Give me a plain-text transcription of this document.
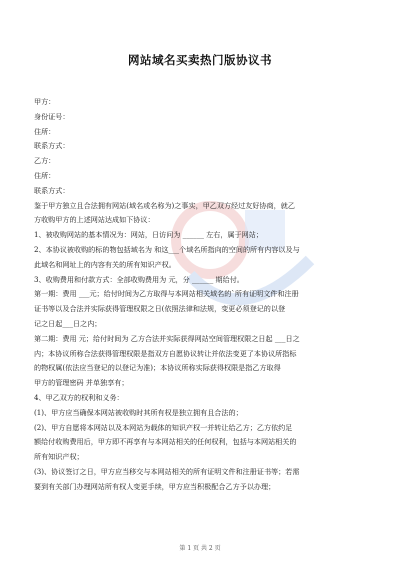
网站域名买卖热门版协议书

甲方：

身份证号：

住所：

联系方式：

乙方：

住所：

联系方式：

鉴于甲方独立且合法拥有网站(域名或名称为)之事实，甲乙双方经过友好协商，就乙

方收购甲方的上述网站达成如下协议：

1、被收购网站的基本情况为：网站，日访问为 ______ 左右，属于网站；

2、本协议被收购的标的物包括域名为 和这___个域名所指向的空间的所有内容以及与

此域名和网址上的内容有关的所有知识产权。

3、收购费用和付款方式：全部收购费用为 元，分 ______ 期给付。

第一期：费用 ___元；给付时间为乙方取得与本网站相关域名的`所有证明文件和注册

证书等以及合法并实际获得管理权限之日(依照法律和法规，变更必须登记的以登

记之日起___日之内；

第二期：费用 元；给付时间为 乙方合法并实际获得网站空间管理权限之日起 ___日之

内；本协议所称合法获得管理权限是指双方自愿协议转让并依法变更了本协议所指标

的物权属(依法应当登记的以登记为准)；本协议所称实际获得权限是指乙方取得

甲方的管理密码 并单独享有；

4、甲乙双方的权利和义务：

(1)、甲方应当确保本网站被收购时其所有权是独立拥有且合法的；

(2)、甲方自愿将本网站以及本网站为载体的知识产权一并转让给乙方；乙方依约足

额给付收购费用后，甲方即不再享有与本网站相关的任何权利，包括与本网站相关的

所有知识产权；

(3)、协议签订之日，甲方应当移交与本网站相关的所有证明文件和注册证书等；若需

要到有关部门办理网站所有权人变更手续，甲方应当积极配合乙方予以办理；

第 1 页 共 2 页
